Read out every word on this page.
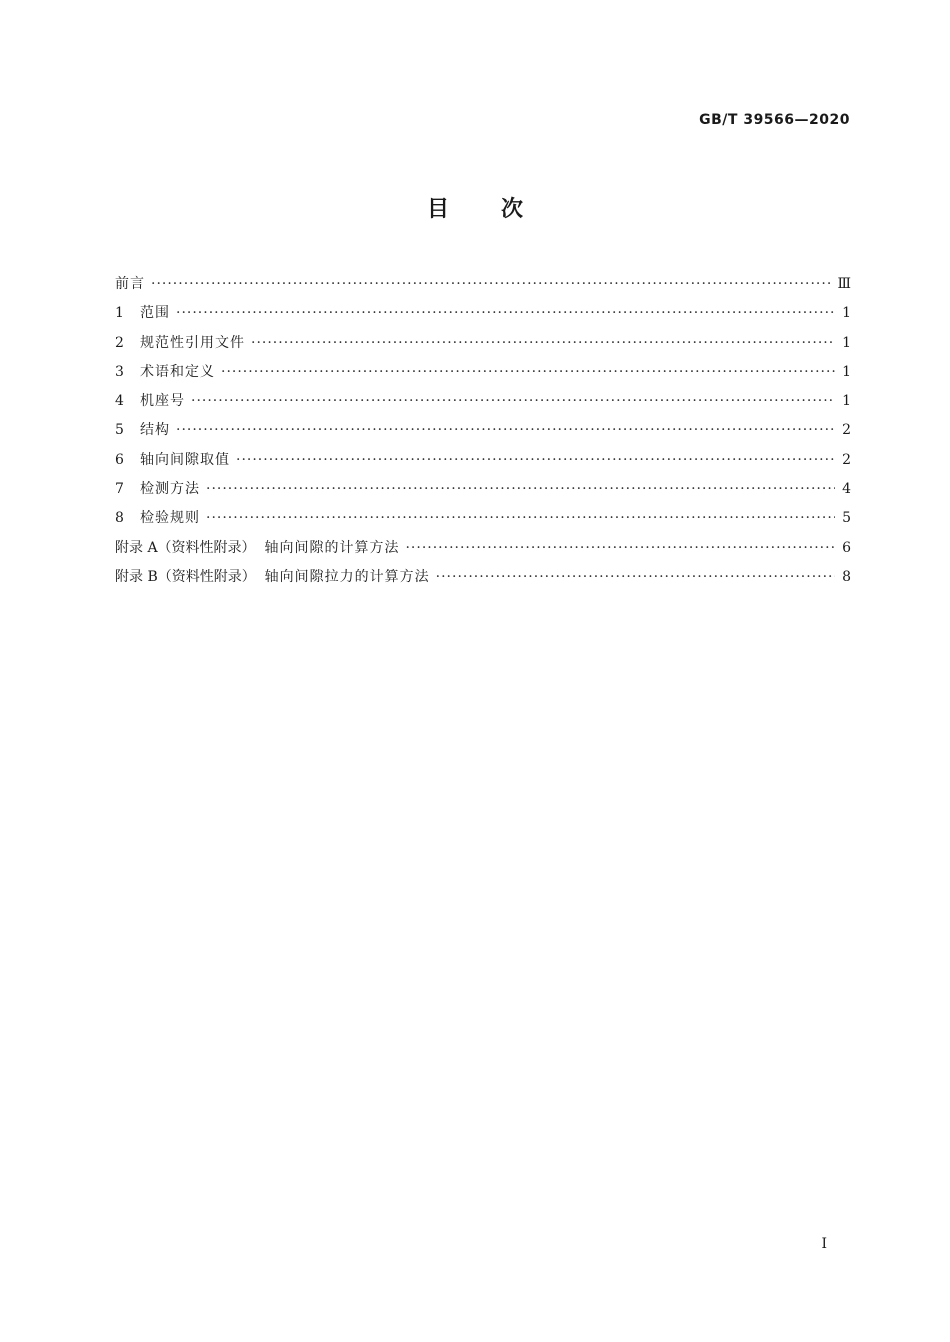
GB/T 39566—2020
目次
前言 ·····	Ⅲ
1	范围 ·····	1
2	规范性引用文件 ·····	1
3	术语和定义 ·····	1
4	机座号 ·····	1
5	结构 ·····	2
6	轴向间隙取值 ·····	2
7	检测方法 ·····	4
8	检验规则 ·····	5
附录 A（资料性附录） 轴向间隙的计算方法 ·····	6
附录 B（资料性附录） 轴向间隙拉力的计算方法 ·····	8
Ⅰ
